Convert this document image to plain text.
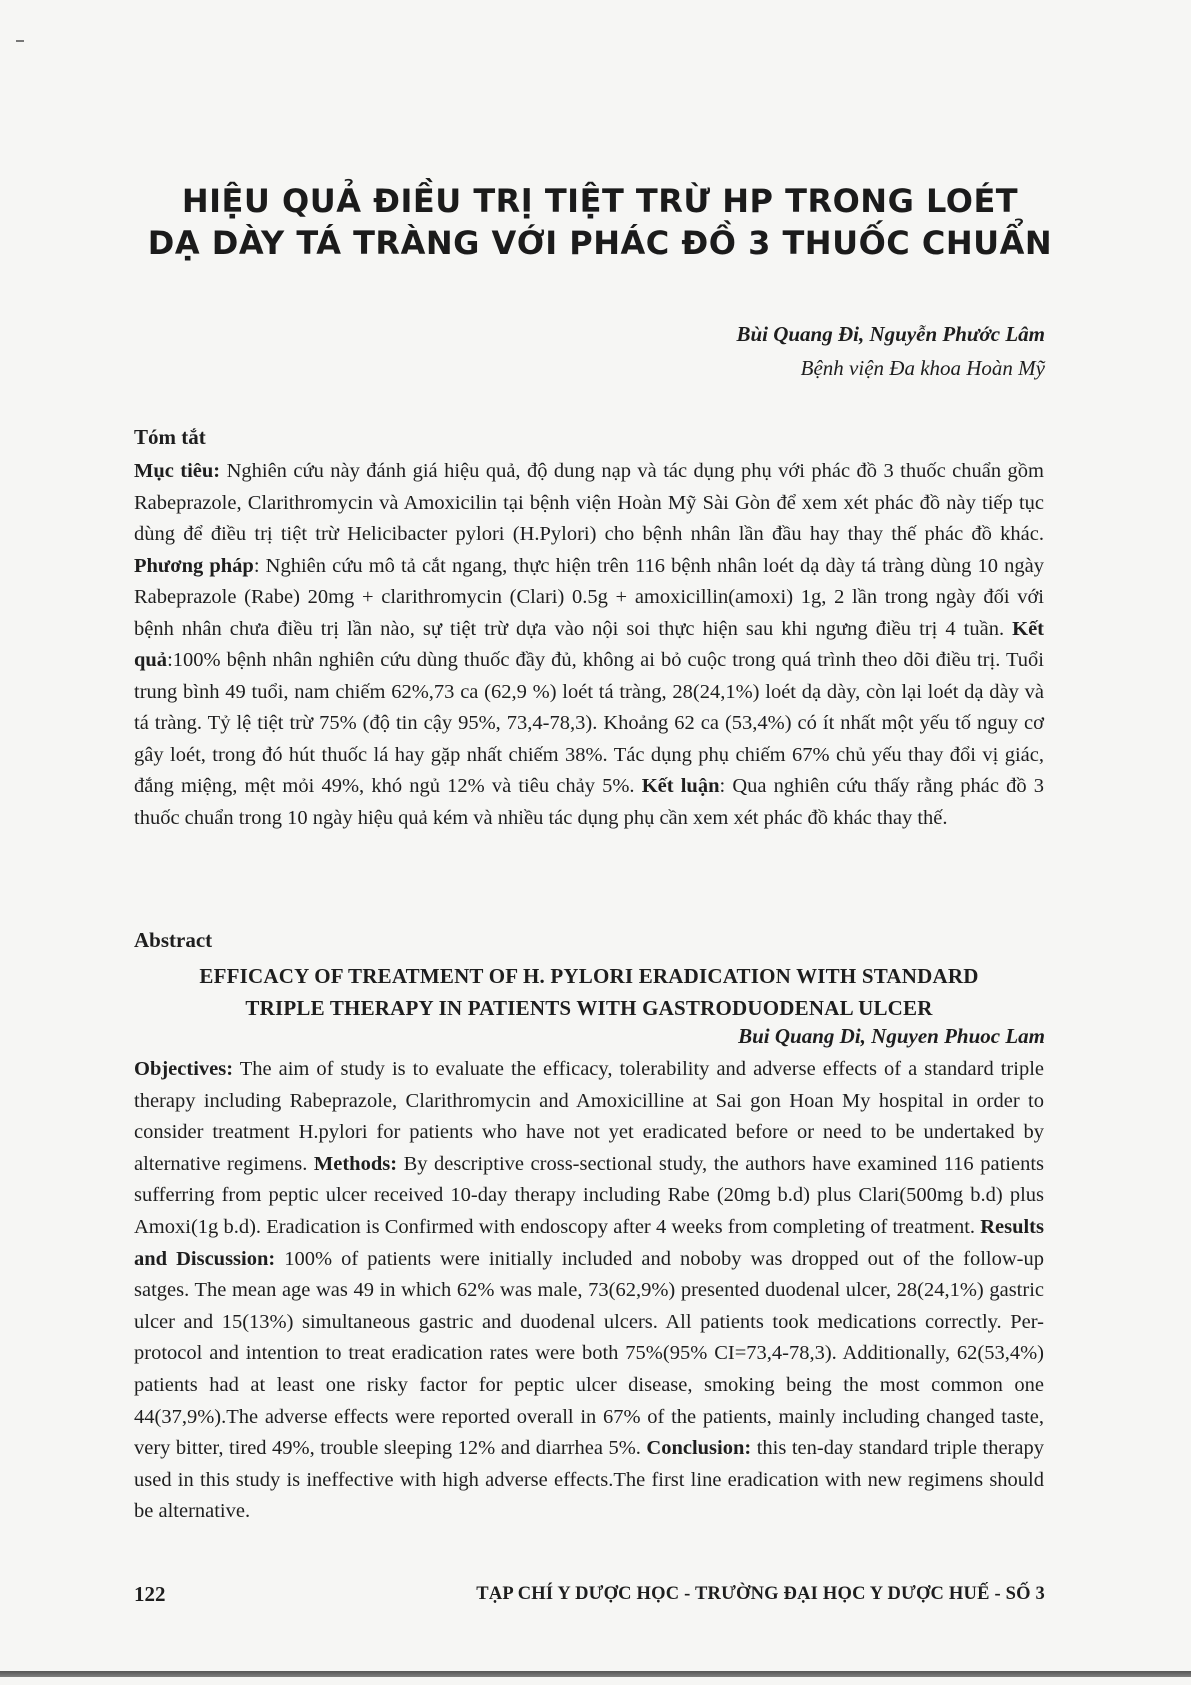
HIỆU QUẢ ĐIỀU TRỊ TIỆT TRỪ HP TRONG LOÉT
DẠ DÀY TÁ TRÀNG VỚI PHÁC ĐỒ 3 THUỐC CHUẨN
Bùi Quang Đi, Nguyễn Phước Lâm
Bệnh viện Đa khoa Hoàn Mỹ
Tóm tắt

Mục tiêu: Nghiên cứu này đánh giá hiệu quả, độ dung nạp và tác dụng phụ với phác đồ 3 thuốc chuẩn gồm Rabeprazole, Clarithromycin và Amoxicilin tại bệnh viện Hoàn Mỹ Sài Gòn để xem xét phác đồ này tiếp tục dùng để điều trị tiệt trừ Helicibacter pylori (H.Pylori) cho bệnh nhân lần đầu hay thay thế phác đồ khác. Phương pháp: Nghiên cứu mô tả cắt ngang, thực hiện trên 116 bệnh nhân loét dạ dày tá tràng dùng 10 ngày Rabeprazole (Rabe) 20mg + clarithromycin (Clari) 0.5g + amoxicillin(amoxi) 1g, 2 lần trong ngày đối với bệnh nhân chưa điều trị lần nào, sự tiệt trừ dựa vào nội soi thực hiện sau khi ngưng điều trị 4 tuần. Kết quả:100% bệnh nhân nghiên cứu dùng thuốc đầy đủ, không ai bỏ cuộc trong quá trình theo dõi điều trị. Tuổi trung bình 49 tuổi, nam chiếm 62%,73 ca (62,9 %) loét tá tràng, 28(24,1%) loét dạ dày, còn lại loét dạ dày và tá tràng. Tỷ lệ tiệt trừ 75% (độ tin cậy 95%, 73,4-78,3). Khoảng 62 ca (53,4%) có ít nhất một yếu tố nguy cơ gây loét, trong đó hút thuốc lá hay gặp nhất chiếm 38%. Tác dụng phụ chiếm 67% chủ yếu thay đổi vị giác, đắng miệng, mệt mỏi 49%, khó ngủ 12% và tiêu chảy 5%. Kết luận: Qua nghiên cứu thấy rằng phác đồ 3 thuốc chuẩn trong 10 ngày hiệu quả kém và nhiều tác dụng phụ cần xem xét phác đồ khác thay thế.

Abstract
EFFICACY OF TREATMENT OF H. PYLORI ERADICATION WITH STANDARD
TRIPLE THERAPY IN PATIENTS WITH GASTRODUODENAL ULCER
Bui Quang Di, Nguyen Phuoc Lam

Objectives: The aim of study is to evaluate the efficacy, tolerability and adverse effects of a standard triple therapy including Rabeprazole, Clarithromycin and Amoxicilline at Sai gon Hoan My hospital in order to consider treatment H.pylori for patients who have not yet eradicated before or need to be undertaked by alternative regimens. Methods: By descriptive cross-sectional study, the authors have examined 116 patients sufferring from peptic ulcer received 10-day therapy including Rabe (20mg b.d) plus Clari(500mg b.d) plus Amoxi(1g b.d). Eradication is Confirmed with endoscopy after 4 weeks from completing of treatment. Results and Discussion: 100% of patients were initially included and noboby was dropped out of the follow-up satges. The mean age was 49 in which 62% was male, 73(62,9%) presented duodenal ulcer, 28(24,1%) gastric ulcer and 15(13%) simultaneous gastric and duodenal ulcers. All patients took medications correctly. Per-protocol and intention to treat eradication rates were both 75%(95% CI=73,4-78,3). Additionally, 62(53,4%) patients had at least one risky factor for peptic ulcer disease, smoking being the most common one 44(37,9%).The adverse effects were reported overall in 67% of the patients, mainly including changed taste, very bitter, tired 49%, trouble sleeping 12% and diarrhea 5%. Conclusion: this ten-day standard triple therapy used in this study is ineffective with high adverse effects.The first line eradication with new regimens should be alternative.

122	TẠP CHÍ Y DƯỢC HỌC - TRƯỜNG ĐẠI HỌC Y DƯỢC HUẾ - SỐ 3
